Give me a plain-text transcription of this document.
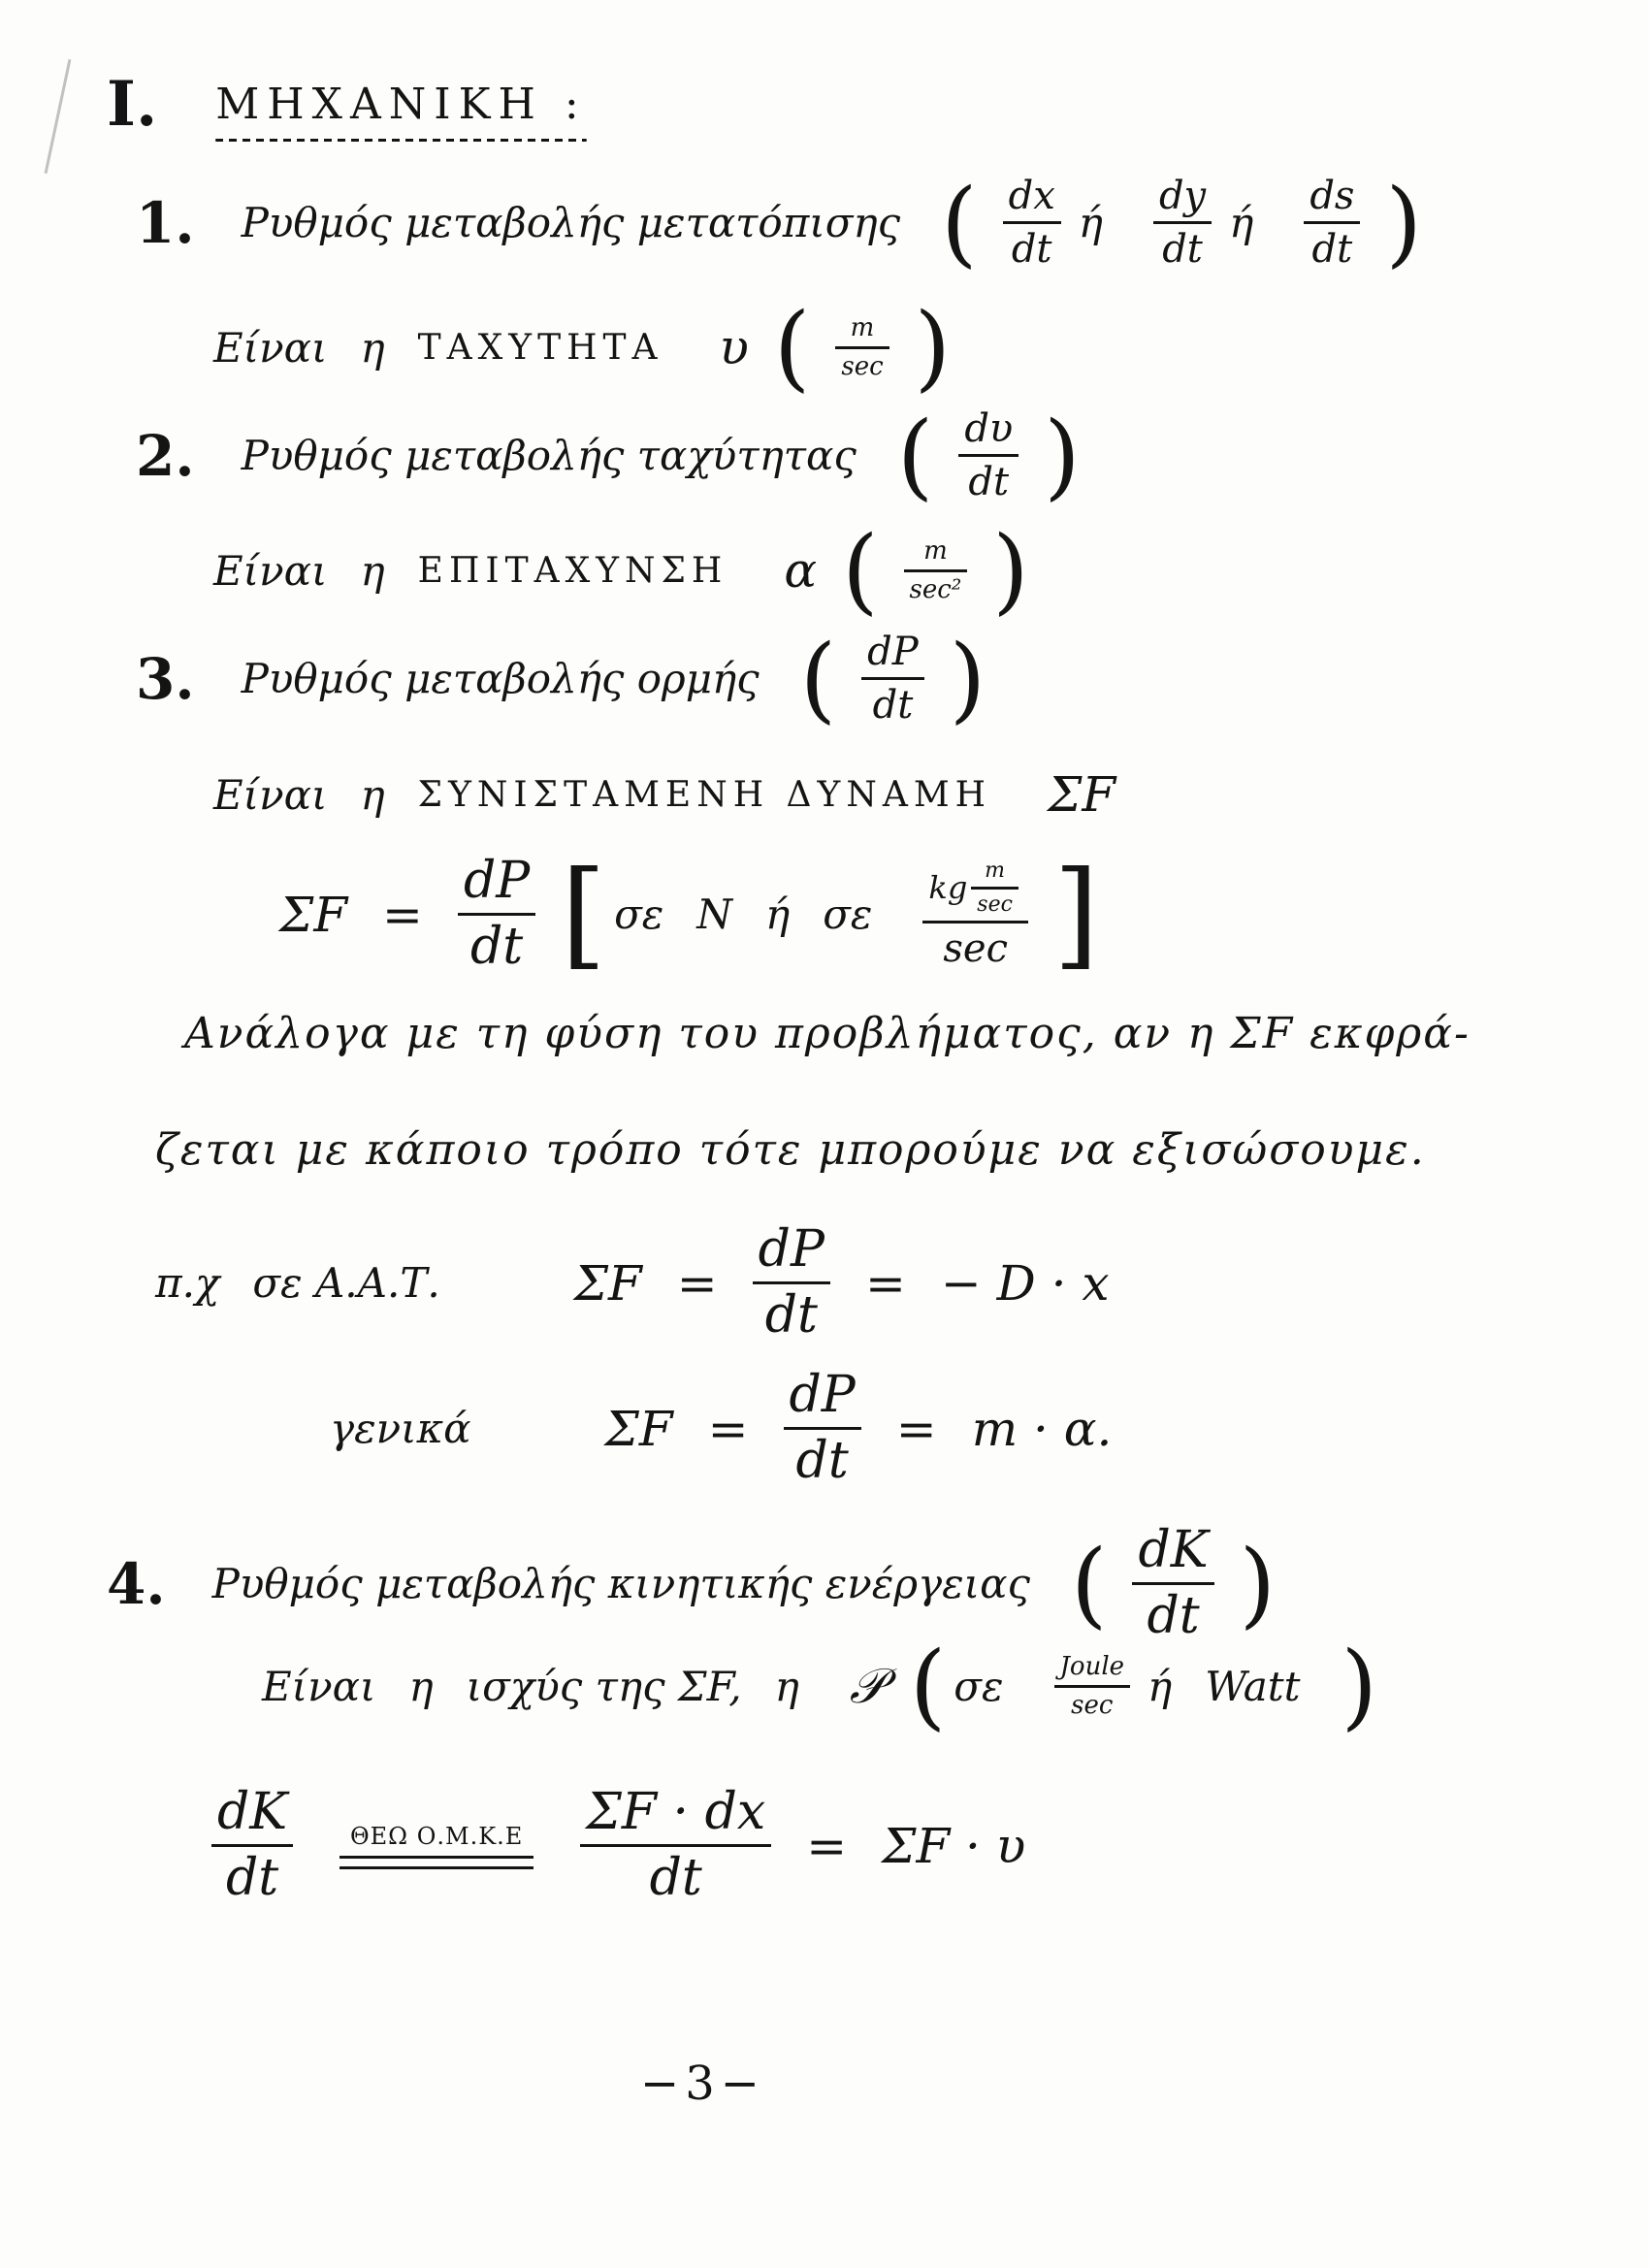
Ι. ΜΗΧΑΝΙΚΗ :
1. Ρυθμός μεταβολής μετατόπισης ( $\frac{dx}{dt}$ ή $\frac{dy}{dt}$ ή $\frac{ds}{dt}$ )
Είναι η ΤΑΧΥΤΗΤΑ υ ( $\frac{m}{\sec}$ )
2. Ρυθμός μεταβολής ταχύτητας ( $\frac{d\upsilon}{dt}$ )
Είναι η ΕΠΙΤΑΧΥΝΣΗ α ( $\frac{m}{\text{sec²}}$ )
3. Ρυθμός μεταβολής ορμής ( $\frac{dP}{dt}$ )
Είναι η ΣΥΝΙΣΤΑΜΕΝΗ ΔΥΝΑΜΗ ΣF
$\Sigma F = \frac{dP}{dt}$ [ σε N ή σε $\frac{kg \frac{m}{\sec}}{\sec}$ ]
Ανάλογα με τη φύση του προβλήματος, αν η ΣF εκφρά-
ζεται με κάποιο τρόπο τότε μπορούμε να εξισώσουμε.
π.χ σε Α.Α.Τ.	$\Sigma F = \frac{dP}{dt}$ = − D · x
γενικά	$\Sigma F = \frac{dP}{dt} = m \cdot \alpha$.
4. Ρυθμός μεταβολής κινητικής ενέργειας ( $\frac{dK}{dt}$ )
Είναι η ισχύς της ΣF, η 𝒫 ( σε $\frac{\text{Joule}}{\sec}$ ή Watt )
$\frac{dK}{dt}$ ΘΕΩ $O.M.K.E \frac{\Sigma F \cdot dx}{dt} = \Sigma F \cdot \upsilon$
−3−
